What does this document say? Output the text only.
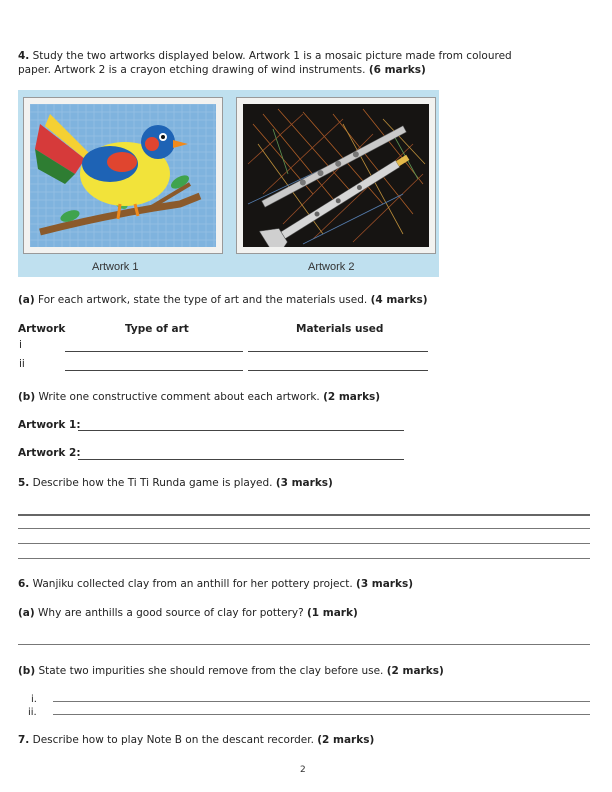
4. Study the two artworks displayed below. Artwork 1 is a mosaic picture made from coloured
paper. Artwork 2 is a crayon etching drawing of wind instruments. (6 marks)
Artwork 1	Artwork 2
(a) For each artwork, state the type of art and the materials used. (4 marks)
Artwork	Type of art	Materials used
i
ii
(b) Write one constructive comment about each artwork. (2 marks)
Artwork 1:
Artwork 2:
5. Describe how the Ti Ti Runda game is played. (3 marks)
6. Wanjiku collected clay from an anthill for her pottery project. (3 marks)
(a) Why are anthills a good source of clay for pottery? (1 mark)
(b) State two impurities she should remove from the clay before use. (2 marks)
i.
ii.
7. Describe how to play Note B on the descant recorder. (2 marks)
2
